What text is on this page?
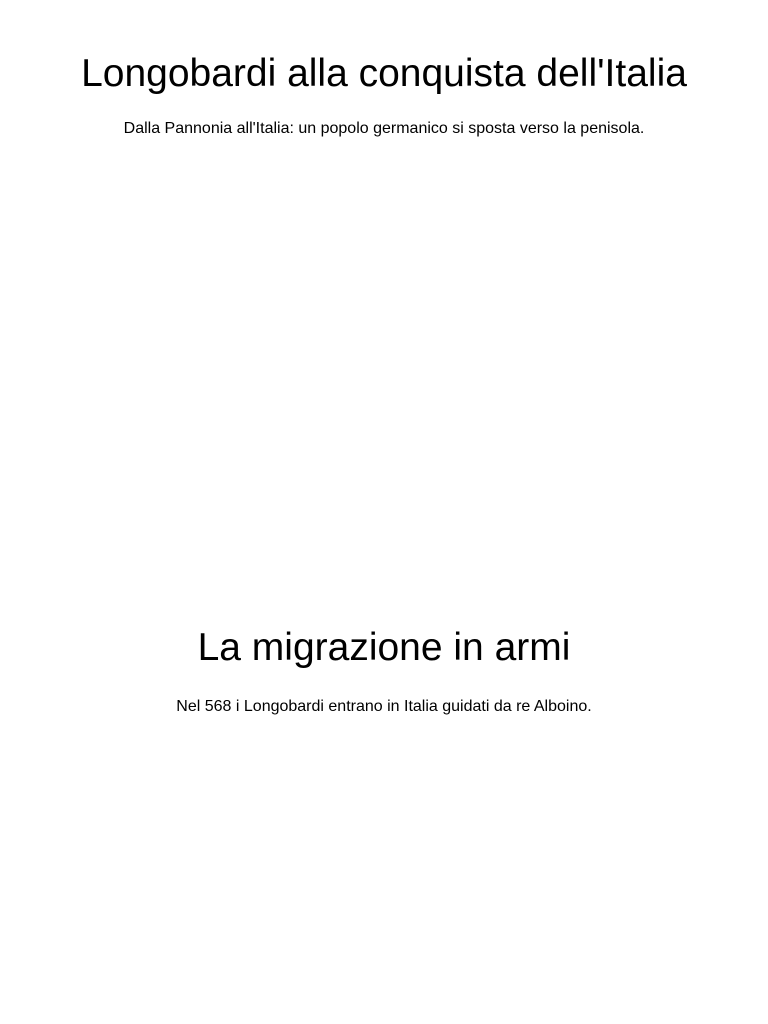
Longobardi alla conquista dell'Italia

Dalla Pannonia all'Italia: un popolo germanico si sposta verso la penisola.

La migrazione in armi

Nel 568 i Longobardi entrano in Italia guidati da re Alboino.
